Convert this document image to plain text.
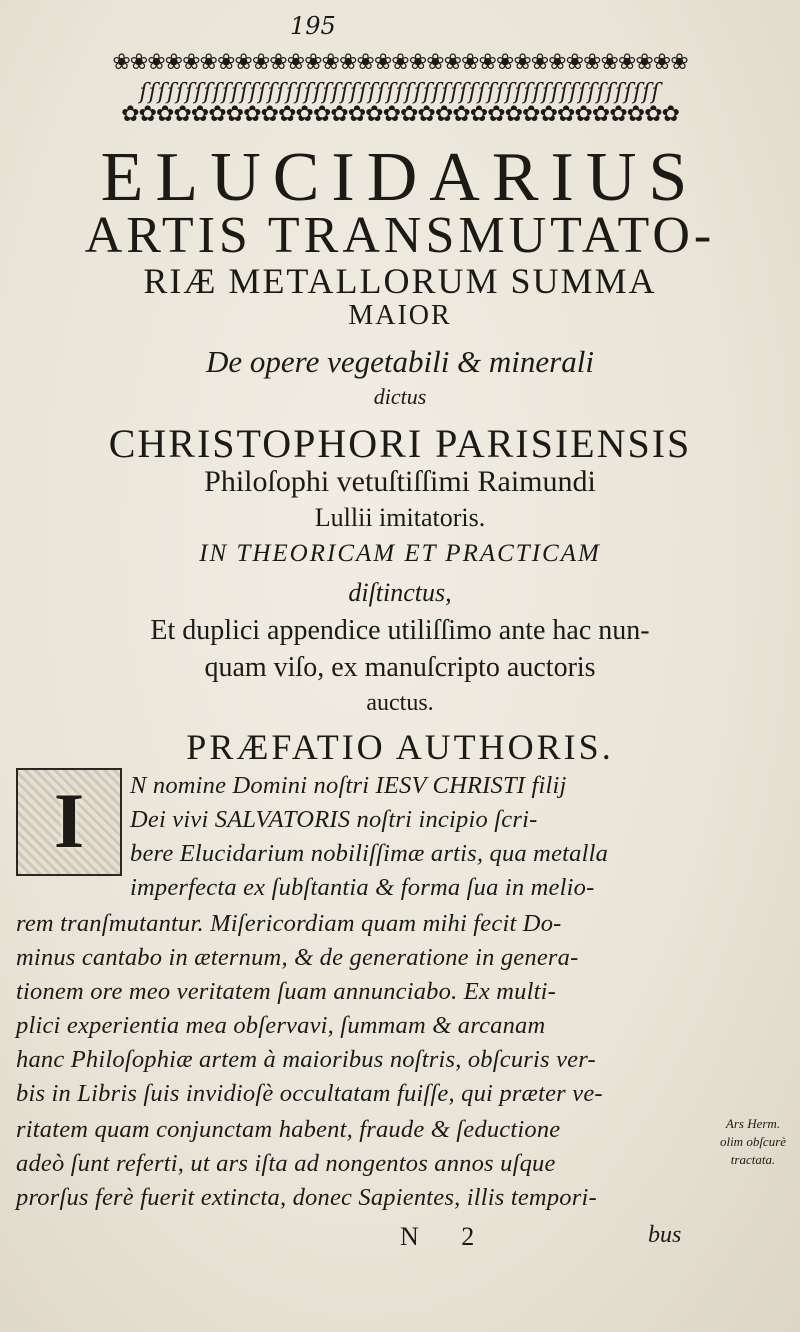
195
❀❀❀❀❀❀❀❀❀❀❀❀❀❀❀❀❀❀❀❀❀❀❀❀❀❀❀❀❀❀❀❀❀
ſſſſſſſſſſſſſſſſſſſſſſſſſſſſſſſſſſſſſſſſſſſſſſſſſſſſſſſſſ
✿✿✿✿✿✿✿✿✿✿✿✿✿✿✿✿✿✿✿✿✿✿✿✿✿✿✿✿✿✿✿✿
ELUCIDARIUS
ARTIS TRANSMUTATO-
RIÆ METALLORUM SUMMA
MAIOR
De opere vegetabili & minerali
dictus
CHRISTOPHORI PARISIENSIS
Philoſophi vetuſtiſſimi Raimundi
Lullii imitatoris.
IN THEORICAM ET PRACTICAM
diſtinctus,
Et duplici appendice utiliſſimo ante hac nun-
quam viſo, ex manuſcripto auctoris
auctus.
PRÆFATIO AUTHORIS.
I	N nomine Domini noſtri IESV CHRISTI filij
Dei vivi SALVATORIS noſtri incipio ſcri-
bere Elucidarium nobiliſſimæ artis, qua metalla
imperfecta ex ſubſtantia & forma ſua in melio-
rem tranſmutantur. Miſericordiam quam mihi fecit Do-
minus cantabo in æternum, & de generatione in genera-
tionem ore meo veritatem ſuam annunciabo. Ex multi-
plici experientia mea obſervavi, ſummam & arcanam
hanc Philoſophiæ artem à maioribus noſtris, obſcuris ver-
bis in Libris ſuis invidioſè occultatam fuiſſe, qui præter ve-
ritatem quam conjunctam habent, fraude & ſeductione
adeò ſunt referti, ut ars iſta ad nongentos annos uſque
prorſus ferè fuerit extincta, donec Sapientes, illis tempori-
Ars Herm.
olim obſcurè
tractata.
N 2	bus
